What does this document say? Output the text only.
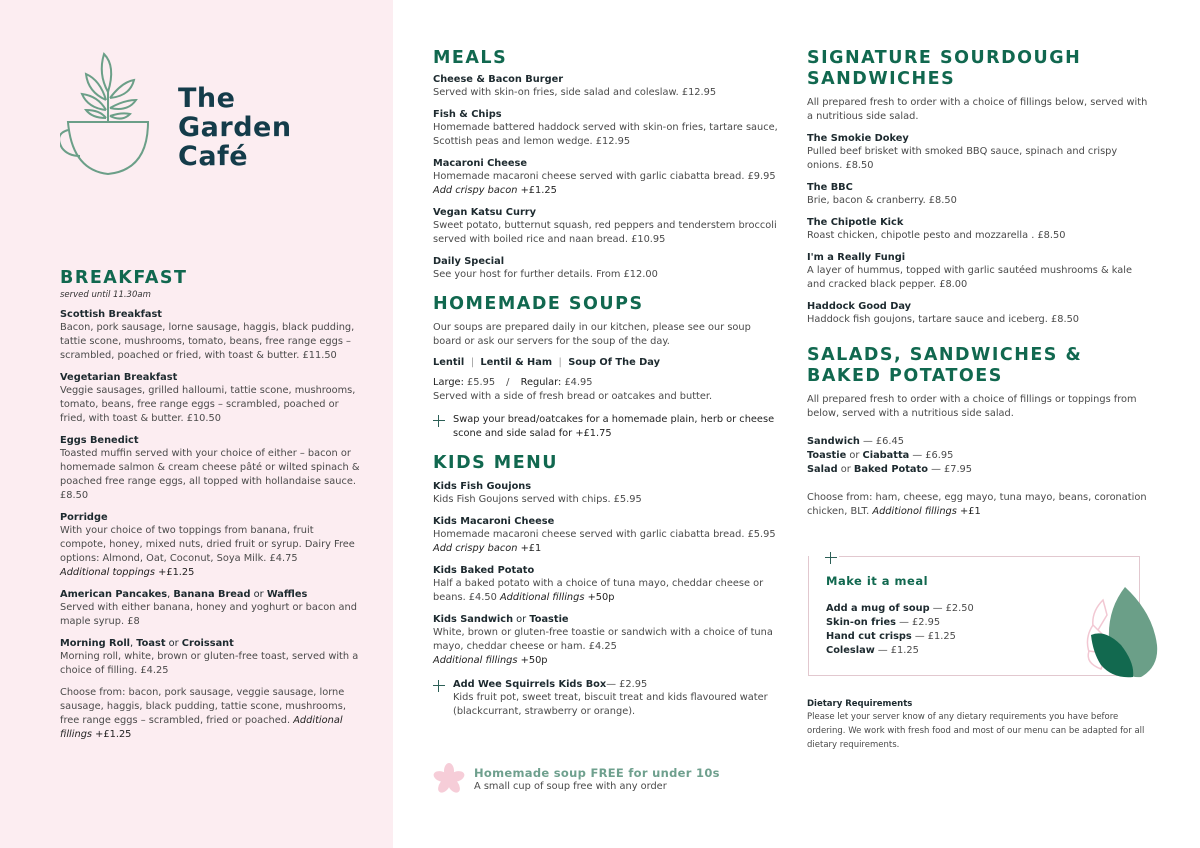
The
Garden
Café
BREAKFAST
served until 11.30am
Scottish Breakfast
Bacon, pork sausage, lorne sausage, haggis, black pudding, tattie scone, mushrooms, tomato, beans, free range eggs – scrambled, poached or fried, with toast & butter. £11.50
Vegetarian Breakfast
Veggie sausages, grilled halloumi, tattie scone, mushrooms, tomato, beans, free range eggs – scrambled, poached or fried, with toast & butter. £10.50
Eggs Benedict
Toasted muffin served with your choice of either – bacon or homemade salmon & cream cheese pâté or wilted spinach & poached free range eggs, all topped with hollandaise sauce. £8.50
Porridge
With your choice of two toppings from banana, fruit compote, honey, mixed nuts, dried fruit or syrup. Dairy Free options: Almond, Oat, Coconut, Soya Milk. £4.75
Additional toppings +£1.25
American Pancakes, Banana Bread or Waffles
Served with either banana, honey and yoghurt or bacon and maple syrup. £8
Morning Roll, Toast or Croissant
Morning roll, white, brown or gluten-free toast, served with a choice of filling. £4.25
Choose from: bacon, pork sausage, veggie sausage, lorne sausage, haggis, black pudding, tattie scone, mushrooms, free range eggs – scrambled, fried or poached. Additional fillings +£1.25
MEALS
Cheese & Bacon Burger
Served with skin-on fries, side salad and coleslaw. £12.95
Fish & Chips
Homemade battered haddock served with skin-on fries, tartare sauce, Scottish peas and lemon wedge. £12.95
Macaroni Cheese
Homemade macaroni cheese served with garlic ciabatta bread. £9.95 Add crispy bacon +£1.25
Vegan Katsu Curry
Sweet potato, butternut squash, red peppers and tenderstem broccoli served with boiled rice and naan bread. £10.95
Daily Special
See your host for further details. From £12.00
HOMEMADE SOUPS
Our soups are prepared daily in our kitchen, please see our soup board or ask our servers for the soup of the day.
Lentil | Lentil & Ham | Soup Of The Day
Large: £5.95 / Regular: £4.95
Served with a side of fresh bread or oatcakes and butter.
Swap your bread/oatcakes for a homemade plain, herb or cheese scone and side salad for +£1.75
KIDS MENU
Kids Fish Goujons
Kids Fish Goujons served with chips. £5.95
Kids Macaroni Cheese
Homemade macaroni cheese served with garlic ciabatta bread. £5.95 Add crispy bacon +£1
Kids Baked Potato
Half a baked potato with a choice of tuna mayo, cheddar cheese or beans. £4.50 Additional fillings +50p
Kids Sandwich or Toastie
White, brown or gluten-free toastie or sandwich with a choice of tuna mayo, cheddar cheese or ham. £4.25
Additional fillings +50p
Add Wee Squirrels Kids Box— £2.95
Kids fruit pot, sweet treat, biscuit treat and kids flavoured water (blackcurrant, strawberry or orange).
Homemade soup FREE for under 10s
A small cup of soup free with any order
SIGNATURE SOURDOUGH
SANDWICHES
All prepared fresh to order with a choice of fillings below, served with a nutritious side salad.
The Smokie Dokey
Pulled beef brisket with smoked BBQ sauce, spinach and crispy onions. £8.50
The BBC
Brie, bacon & cranberry. £8.50
The Chipotle Kick
Roast chicken, chipotle pesto and mozzarella . £8.50
I'm a Really Fungi
A layer of hummus, topped with garlic sautéed mushrooms & kale and cracked black pepper. £8.00
Haddock Good Day
Haddock fish goujons, tartare sauce and iceberg. £8.50
SALADS, SANDWICHES &
BAKED POTATOES
All prepared fresh to order with a choice of fillings or toppings from below, served with a nutritious side salad.
Sandwich — £6.45
Toastie or Ciabatta — £6.95
Salad or Baked Potato — £7.95
Choose from: ham, cheese, egg mayo, tuna mayo, beans, coronation chicken, BLT. Additionol fillings +£1
Make it a meal
Add a mug of soup — £2.50
Skin-on fries — £2.95
Hand cut crisps — £1.25
Coleslaw — £1.25
Dietary Requirements
Please let your server know of any dietary requirements you have before ordering. We work with fresh food and most of our menu can be adapted for all dietary requirements.
